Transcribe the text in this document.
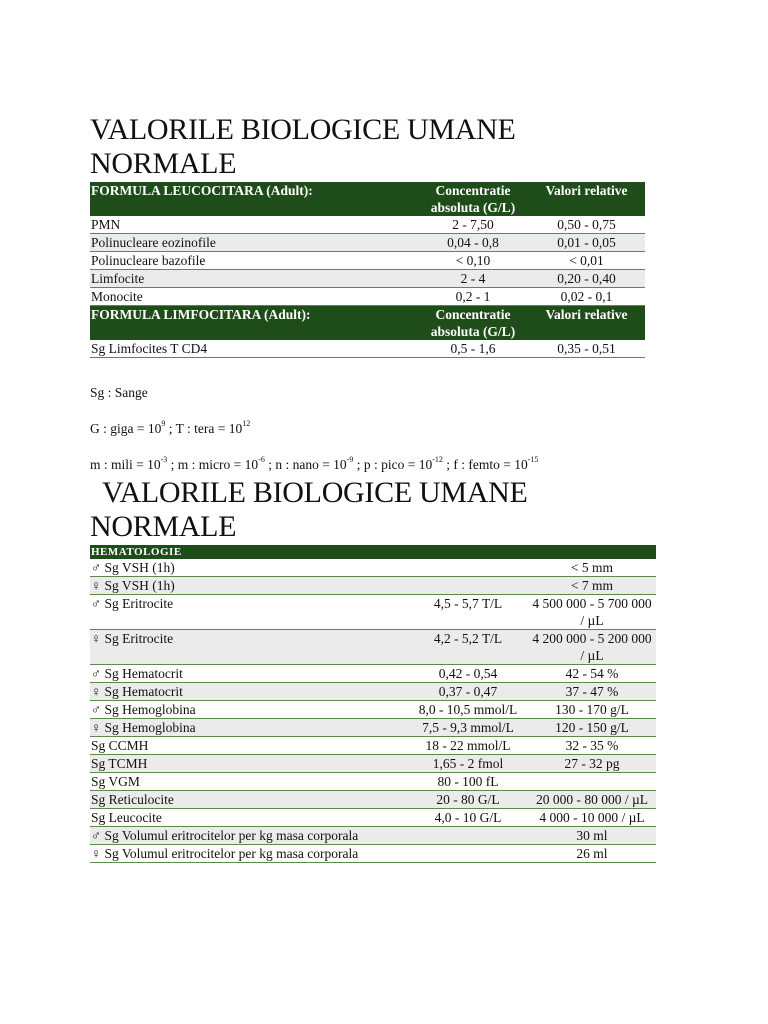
VALORILE BIOLOGICE UMANE
NORMALE
FORMULA LEUCOCITARA (Adult):	Concentratie absoluta (G/L)	Valori relative
PMN	2 - 7,50	0,50 - 0,75
Polinucleare eozinofile	0,04 - 0,8	0,01 - 0,05
Polinucleare bazofile	< 0,10	< 0,01
Limfocite	2 - 4	0,20 - 0,40
Monocite	0,2 - 1	0,02 - 0,1
FORMULA LIMFOCITARA (Adult):	Concentratie absoluta (G/L)	Valori relative
Sg Limfocites T CD4	0,5 - 1,6	0,35 - 0,51

Sg : Sange

G : giga = $10^9$ ; T : tera = $10^{12}$

m : mili = $10^{-3}$ ; m : micro = $10^{-6}$ ; n : nano = $10^{-9}$ ; p : pico = $10^{-12}$ ; f : femto = $10^{-15}$

VALORILE BIOLOGICE UMANE
NORMALE
HEMATOLOGIE		
♂ Sg VSH (1h)		< 5 mm
♀ Sg VSH (1h)		< 7 mm
♂ Sg Eritrocite	4,5 - 5,7 T/L	4 500 000 - 5 700 000 / µL
♀ Sg Eritrocite	4,2 - 5,2 T/L	4 200 000 - 5 200 000 / µL
♂ Sg Hematocrit	0,42 - 0,54	42 - 54 %
♀ Sg Hematocrit	0,37 - 0,47	37 - 47 %
♂ Sg Hemoglobina	8,0 - 10,5 mmol/L	130 - 170 g/L
♀ Sg Hemoglobina	7,5 - 9,3 mmol/L	120 - 150 g/L
Sg CCMH	18 - 22 mmol/L	32 - 35 %
Sg TCMH	1,65 - 2 fmol	27 - 32 pg
Sg VGM	80 - 100 fL	
Sg Reticulocite	20 - 80 G/L	20 000 - 80 000 / µL
Sg Leucocite	4,0 - 10 G/L	4 000 - 10 000 / µL
♂ Sg Volumul eritrocitelor per kg masa corporala		30 ml
♀ Sg Volumul eritrocitelor per kg masa corporala		26 ml
